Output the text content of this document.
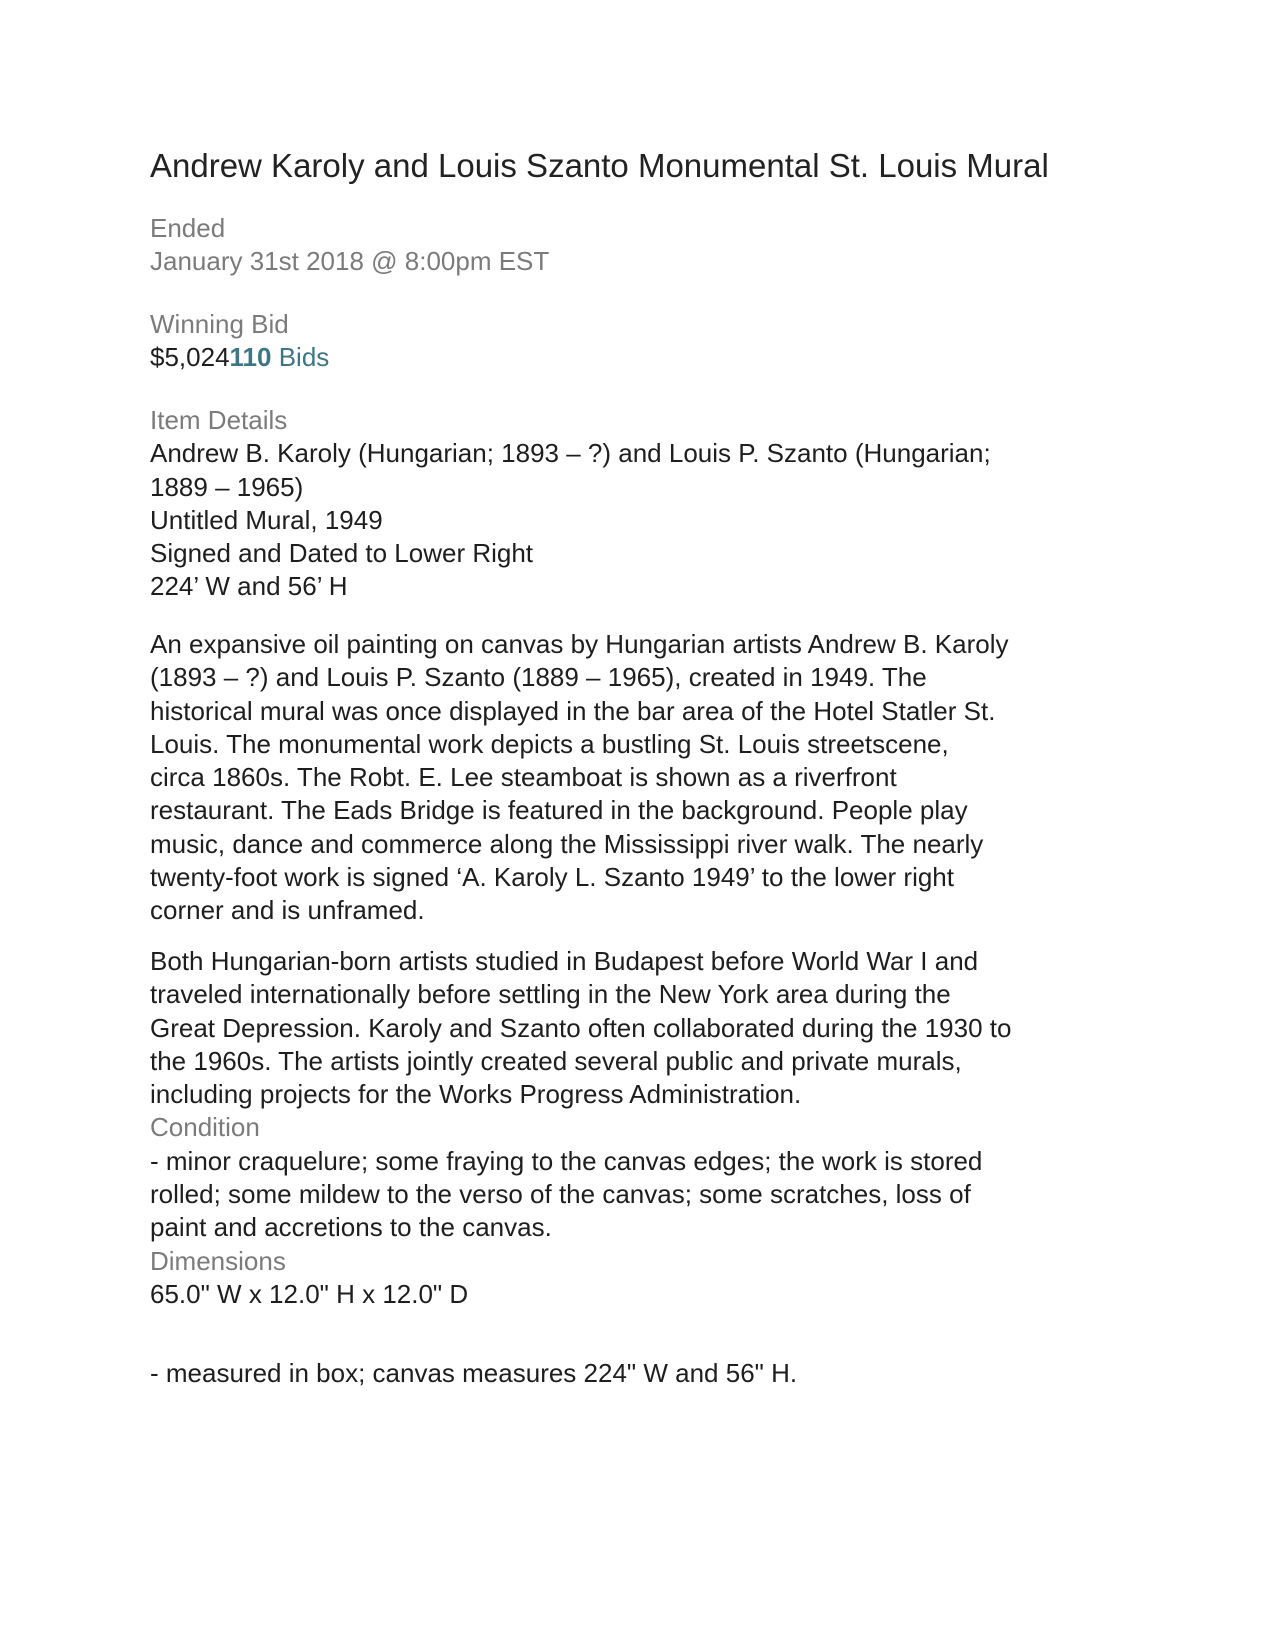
Andrew Karoly and Louis Szanto Monumental St. Louis Mural
Ended
January 31st 2018 @ 8:00pm EST
Winning Bid
$5,024110 Bids
Item Details
Andrew B. Karoly (Hungarian; 1893 – ?) and Louis P. Szanto (Hungarian;
1889 – 1965)
Untitled Mural, 1949
Signed and Dated to Lower Right
224’ W and 56’ H
An expansive oil painting on canvas by Hungarian artists Andrew B. Karoly
(1893 – ?) and Louis P. Szanto (1889 – 1965), created in 1949. The
historical mural was once displayed in the bar area of the Hotel Statler St.
Louis. The monumental work depicts a bustling St. Louis streetscene,
circa 1860s. The Robt. E. Lee steamboat is shown as a riverfront
restaurant. The Eads Bridge is featured in the background. People play
music, dance and commerce along the Mississippi river walk. The nearly
twenty-foot work is signed ‘A. Karoly L. Szanto 1949’ to the lower right
corner and is unframed.
Both Hungarian-born artists studied in Budapest before World War I and
traveled internationally before settling in the New York area during the
Great Depression. Karoly and Szanto often collaborated during the 1930 to
the 1960s. The artists jointly created several public and private murals,
including projects for the Works Progress Administration.
Condition
- minor craquelure; some fraying to the canvas edges; the work is stored
rolled; some mildew to the verso of the canvas; some scratches, loss of
paint and accretions to the canvas.
Dimensions
65.0" W x 12.0" H x 12.0" D
- measured in box; canvas measures 224" W and 56" H.
